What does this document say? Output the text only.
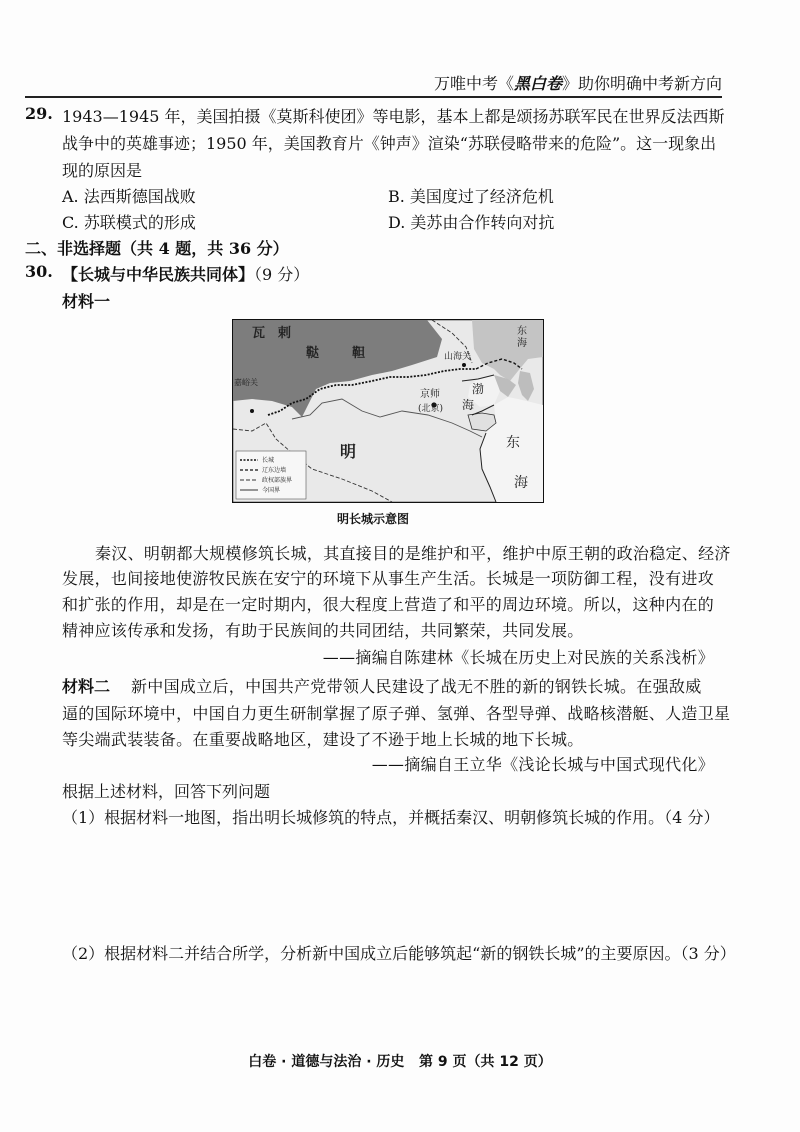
万唯中考《黑白卷》助你明确中考新方向
29. 1943—1945 年，美国拍摄《莫斯科使团》等电影，基本上都是颂扬苏联军民在世界反法西斯
战争中的英雄事迹；1950 年，美国教育片《钟声》渲染“苏联侵略带来的危险”。这一现象出
现的原因是
A. 法西斯德国战败	B. 美国度过了经济危机
C. 苏联模式的形成	D. 美苏由合作转向对抗
二、非选择题（共 4 题，共 36 分）
30. 【长城与中华民族共同体】（9 分）
材料一
瓦 剌
鞑	靼
东
海
山海关
嘉峪关
京师
(北京)
渤
海
明	东
海
长城
辽东边墙
政权部族界
今国界
明长城示意图
秦汉、明朝都大规模修筑长城，其直接目的是维护和平，维护中原王朝的政治稳定、经济
发展，也间接地使游牧民族在安宁的环境下从事生产生活。长城是一项防御工程，没有进攻
和扩张的作用，却是在一定时期内，很大程度上营造了和平的周边环境。所以，这种内在的
精神应该传承和发扬，有助于民族间的共同团结，共同繁荣，共同发展。
——摘编自陈建林《长城在历史上对民族的关系浅析》
材料二 新中国成立后，中国共产党带领人民建设了战无不胜的新的钢铁长城。在强敌威
逼的国际环境中，中国自力更生研制掌握了原子弹、氢弹、各型导弹、战略核潜艇、人造卫星
等尖端武装装备。在重要战略地区，建设了不逊于地上长城的地下长城。
——摘编自王立华《浅论长城与中国式现代化》
根据上述材料，回答下列问题
（1）根据材料一地图，指出明长城修筑的特点，并概括秦汉、明朝修筑长城的作用。（4 分）
（2）根据材料二并结合所学，分析新中国成立后能够筑起“新的钢铁长城”的主要原因。（3 分）
白卷 · 道德与法治 · 历史   第 9 页（共 12 页）
